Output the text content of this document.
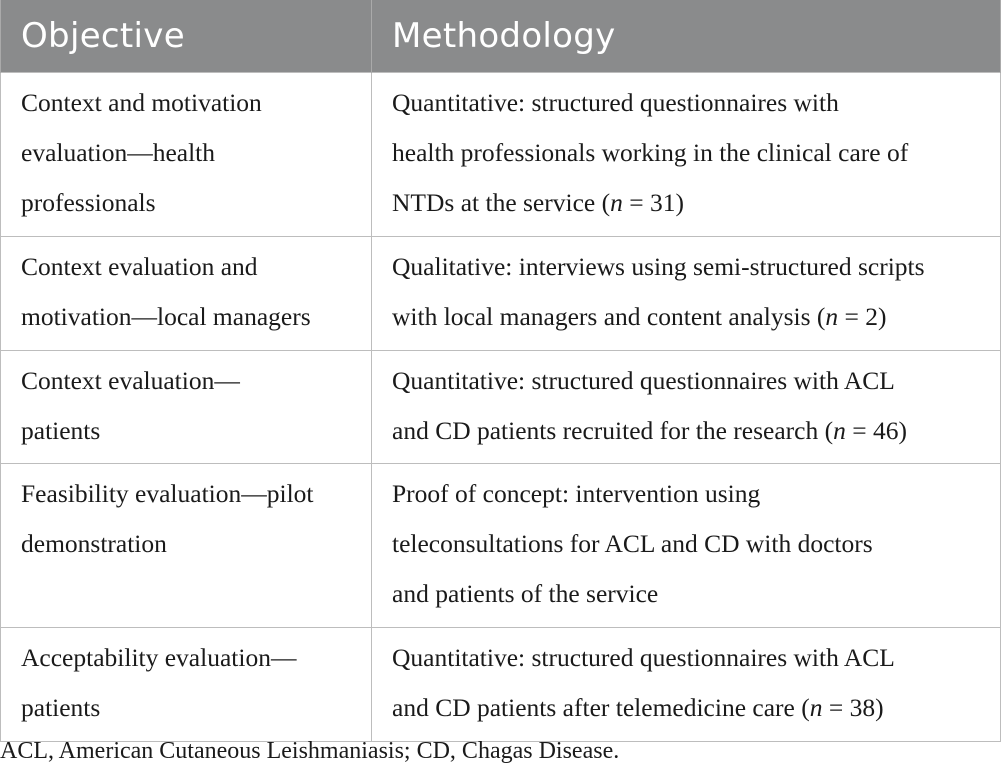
Objective	Methodology

Context and motivation
evaluation—health
professionals	Quantitative: structured questionnaires with
health professionals working in the clinical care of
NTDs at the service (n = 31)

Context evaluation and
motivation—local managers	Qualitative: interviews using semi-structured scripts
with local managers and content analysis (n = 2)

Context evaluation—
patients	Quantitative: structured questionnaires with ACL
and CD patients recruited for the research (n = 46)

Feasibility evaluation—pilot
demonstration	Proof of concept: intervention using
teleconsultations for ACL and CD with doctors
and patients of the service

Acceptability evaluation—
patients	Quantitative: structured questionnaires with ACL
and CD patients after telemedicine care (n = 38)
ACL, American Cutaneous Leishmaniasis; CD, Chagas Disease.
